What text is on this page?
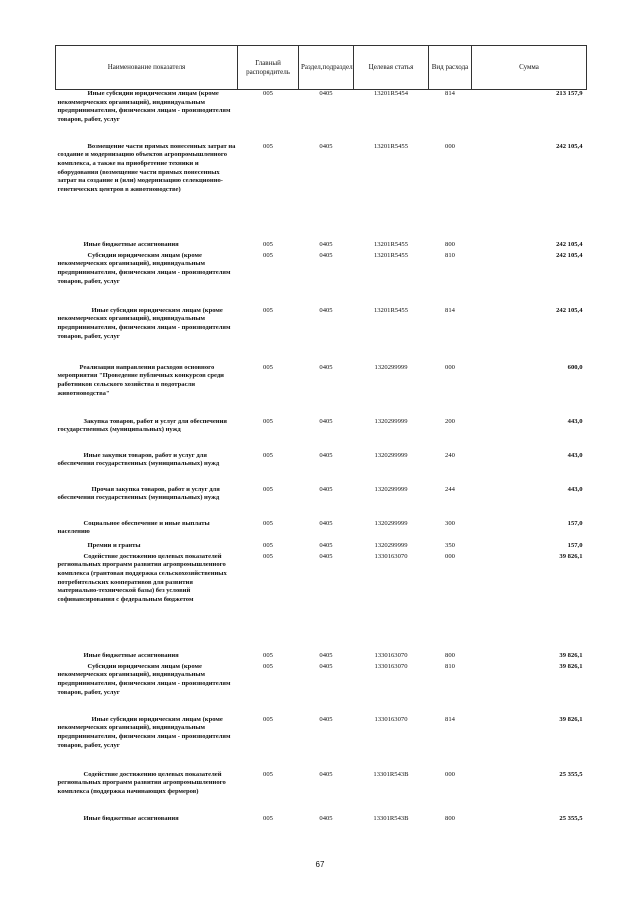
Наименование показателя	Главный распорядитель	Раздел,подраздел	Целевая статья	Вид расхода	Сумма
Иные субсидии юридическим лицам (кроме некоммерческих организаций), индивидуальным предпринимателям, физическим лицам - производителям товаров, работ, услуг	005	0405	13201R5454	814	213 157,9
Возмещение части прямых понесенных затрат на создание и модернизацию объектов агропромышленного комплекса, а также на приобретение техники и оборудования (возмещение части прямых понесенных затрат на создание и (или) модернизацию селекционно-генетических центров в животноводстве)	005	0405	13201R5455	000	242 105,4
Иные бюджетные ассигнования	005	0405	13201R5455	800	242 105,4
Субсидии юридическим лицам (кроме некоммерческих организаций), индивидуальным предпринимателям, физическим лицам - производителям товаров, работ, услуг	005	0405	13201R5455	810	242 105,4
Иные субсидии юридическим лицам (кроме некоммерческих организаций), индивидуальным предпринимателям, физическим лицам - производителям товаров, работ, услуг	005	0405	13201R5455	814	242 105,4
Реализация направления расходов основного мероприятия "Проведение публичных конкурсов среди работников сельского хозяйства в подотрасли животноводства"	005	0405	1320299999	000	600,0
Закупка товаров, работ и услуг для обеспечения государственных (муниципальных) нужд	005	0405	1320299999	200	443,0
Иные закупки товаров, работ и услуг для обеспечения государственных (муниципальных) нужд	005	0405	1320299999	240	443,0
Прочая закупка товаров, работ и услуг для обеспечения государственных (муниципальных) нужд	005	0405	1320299999	244	443,0
Социальное обеспечение и иные выплаты населению	005	0405	1320299999	300	157,0
Премии и гранты	005	0405	1320299999	350	157,0
Содействие достижению целевых показателей региональных программ развития агропромышленного комплекса (грантовая поддержка сельскохозяйственных потребительских кооперативов для развития материально-технической базы) без условий софинансирования с федеральным бюджетом	005	0405	1330163070	000	39 826,1
Иные бюджетные ассигнования	005	0405	1330163070	800	39 826,1
Субсидии юридическим лицам (кроме некоммерческих организаций), индивидуальным предпринимателям, физическим лицам - производителям товаров, работ, услуг	005	0405	1330163070	810	39 826,1
Иные субсидии юридическим лицам (кроме некоммерческих организаций), индивидуальным предпринимателям, физическим лицам - производителям товаров, работ, услуг	005	0405	1330163070	814	39 826,1
Содействие достижению целевых показателей региональных программ развития агропромышленного комплекса (поддержка начинающих фермеров)	005	0405	13301R543B	000	25 355,5
Иные бюджетные ассигнования	005	0405	13301R543B	800	25 355,5
67
